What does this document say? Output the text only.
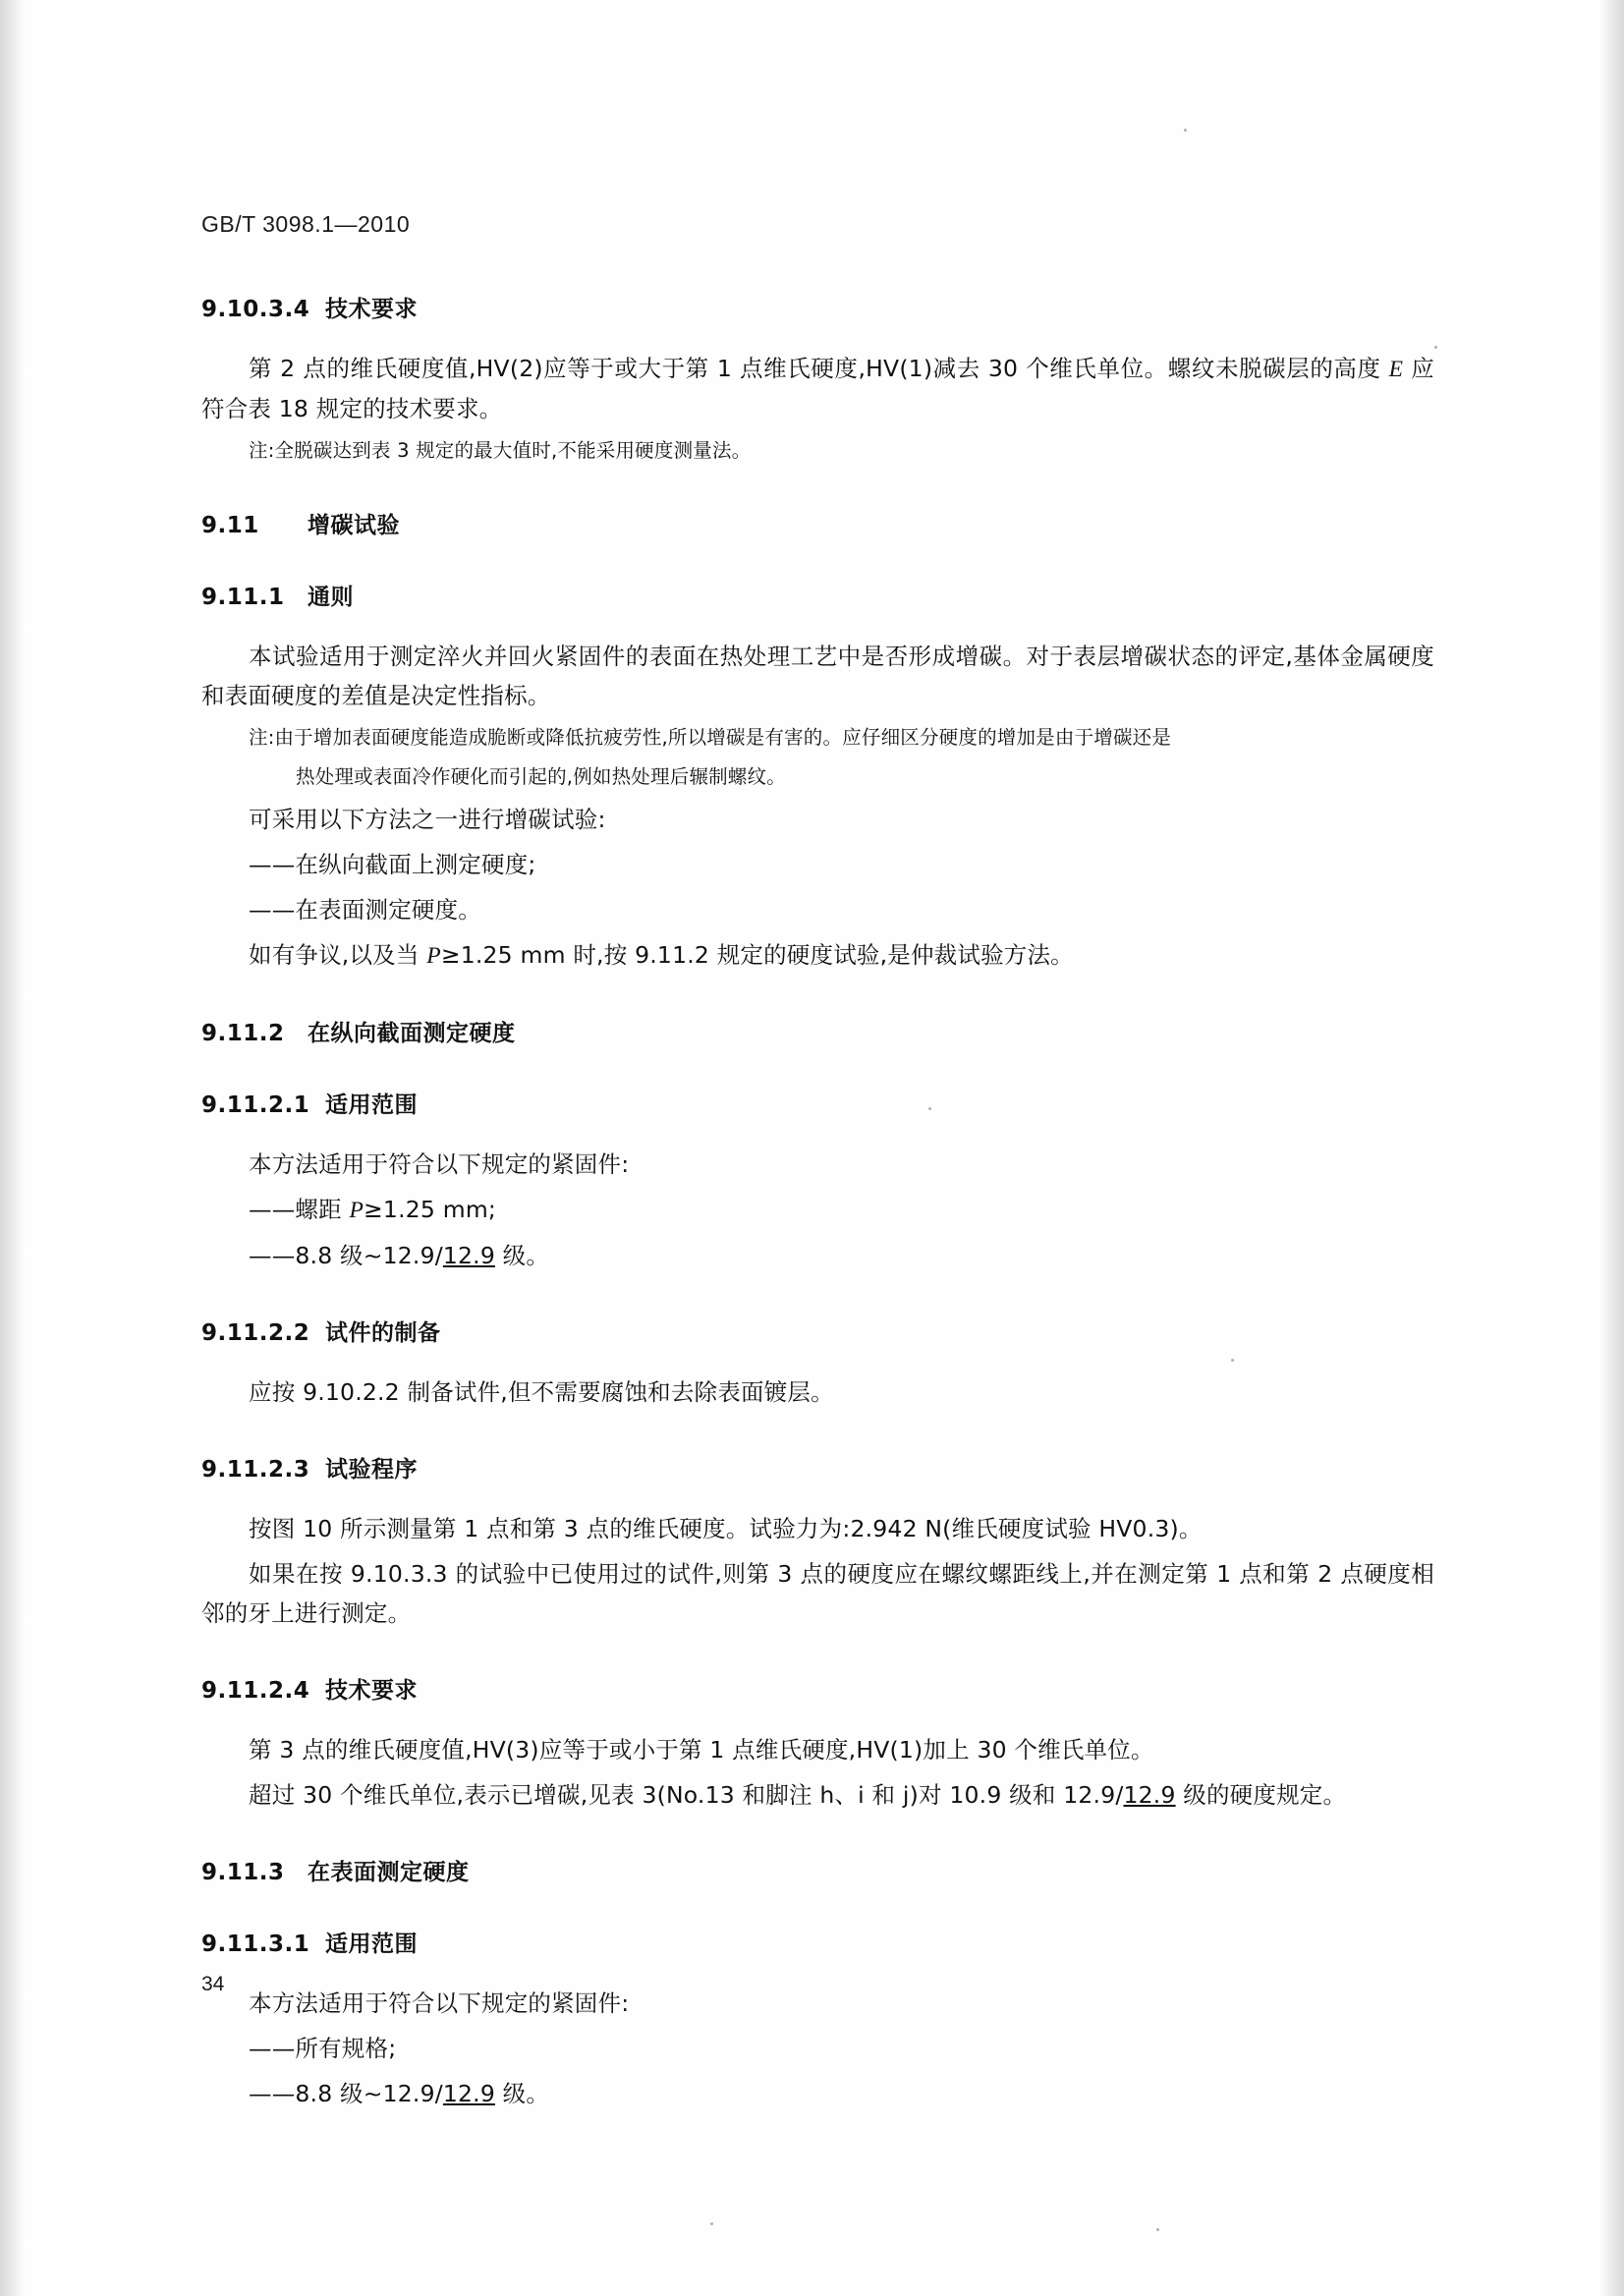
GB/T 3098.1—2010
9.10.3.4 技术要求

第 2 点的维氏硬度值,HV(2)应等于或大于第 1 点维氏硬度,HV(1)减去 30 个维氏单位。螺纹未脱碳层的高度 E 应符合表 18 规定的技术要求。

注:全脱碳达到表 3 规定的最大值时,不能采用硬度测量法。

9.11 增碳试验
9.11.1 通则

本试验适用于测定淬火并回火紧固件的表面在热处理工艺中是否形成增碳。对于表层增碳状态的评定,基体金属硬度和表面硬度的差值是决定性指标。

注:由于增加表面硬度能造成脆断或降低抗疲劳性,所以增碳是有害的。应仔细区分硬度的增加是由于增碳还是

热处理或表面冷作硬化而引起的,例如热处理后辗制螺纹。

可采用以下方法之一进行增碳试验:

——在纵向截面上测定硬度;

——在表面测定硬度。

如有争议,以及当 P≥1.25 mm 时,按 9.11.2 规定的硬度试验,是仲裁试验方法。

9.11.2 在纵向截面测定硬度
9.11.2.1 适用范围

本方法适用于符合以下规定的紧固件:

——螺距 P≥1.25 mm;

——8.8 级~12.9/12.9 级。

9.11.2.2 试件的制备

应按 9.10.2.2 制备试件,但不需要腐蚀和去除表面镀层。

9.11.2.3 试验程序

按图 10 所示测量第 1 点和第 3 点的维氏硬度。试验力为:2.942 N(维氏硬度试验 HV0.3)。

如果在按 9.10.3.3 的试验中已使用过的试件,则第 3 点的硬度应在螺纹螺距线上,并在测定第 1 点和第 2 点硬度相邻的牙上进行测定。

9.11.2.4 技术要求

第 3 点的维氏硬度值,HV(3)应等于或小于第 1 点维氏硬度,HV(1)加上 30 个维氏单位。

超过 30 个维氏单位,表示已增碳,见表 3(No.13 和脚注 h、i 和 j)对 10.9 级和 12.9/12.9 级的硬度规定。

9.11.3 在表面测定硬度
9.11.3.1 适用范围

本方法适用于符合以下规定的紧固件:

——所有规格;

——8.8 级~12.9/12.9 级。

34
